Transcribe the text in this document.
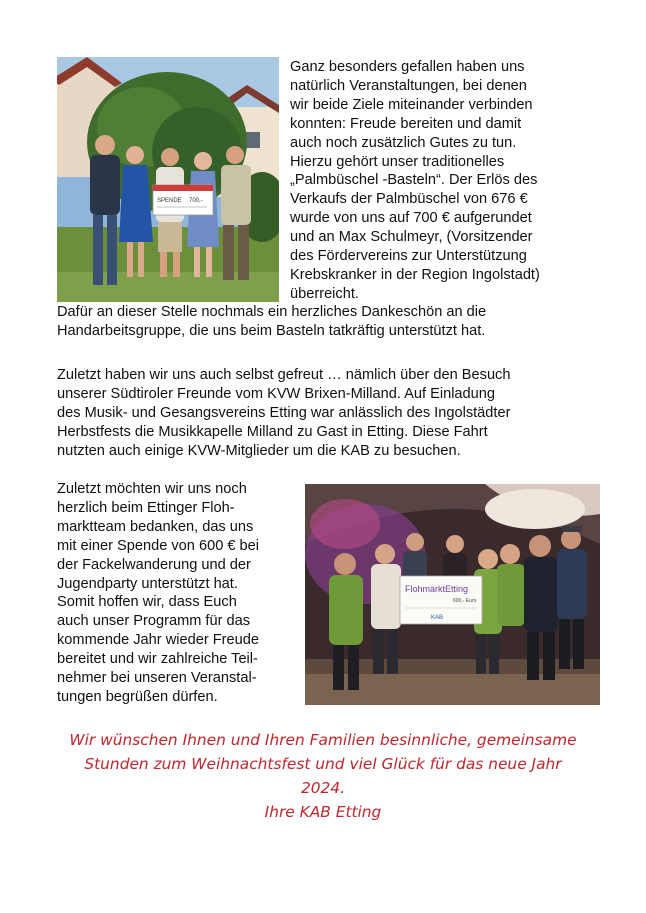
SPENDE 700,-
Ganz besonders gefallen haben uns
natürlich Veranstaltungen, bei denen
wir beide Ziele miteinander verbinden
konnten: Freude bereiten und damit
auch noch zusätzlich Gutes zu tun.
Hierzu gehört unser traditionelles
„Palmbüschel -Basteln“. Der Erlös des
Verkaufs der Palmbüschel von 676 €
wurde von uns auf 700 € aufgerundet
und an Max Schulmeyr, (Vorsitzender
des Fördervereins zur Unterstützung
Krebskranker in der Region Ingolstadt)
überreicht.
Dafür an dieser Stelle nochmals ein herzliches Dankeschön an die
Handarbeitsgruppe, die uns beim Basteln tatkräftig unterstützt hat.
Zuletzt haben wir uns auch selbst gefreut … nämlich über den Besuch
unserer Südtiroler Freunde vom KVW Brixen-Milland. Auf Einladung
des Musik- und Gesangsvereins Etting war anlässlich des Ingolstädter
Herbstfests die Musikkapelle Milland zu Gast in Etting. Diese Fahrt
nutzten auch einige KVW-Mitglieder um die KAB zu besuchen.
Zuletzt möchten wir uns noch
herzlich beim Ettinger Floh-
marktteam bedanken, das uns
mit einer Spende von 600 € bei
der Fackelwanderung und der
Jugendparty unterstützt hat.
Somit hoffen wir, dass Euch
auch unser Programm für das
kommende Jahr wieder Freude
bereitet und wir zahlreiche Teil-
nehmer bei unseren Veranstal-
tungen begrüßen dürfen.
FlohmarktEtting
600,- Euro
KAB
Wir wünschen Ihnen und Ihren Familien besinnliche, gemeinsame
Stunden zum Weihnachtsfest und viel Glück für das neue Jahr
2024.
Ihre KAB Etting
